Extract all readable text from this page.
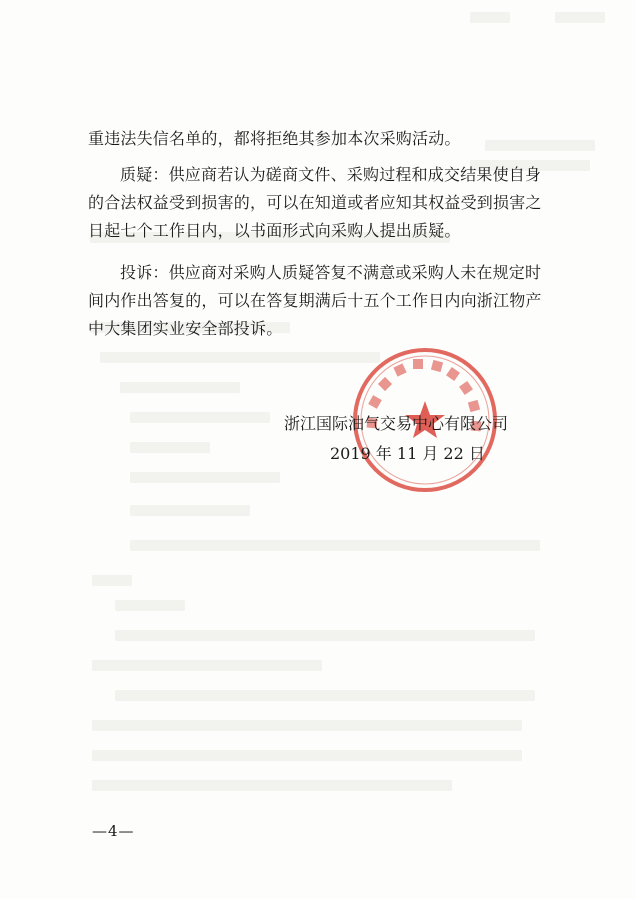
重违法失信名单的，都将拒绝其参加本次采购活动。
质疑：供应商若认为磋商文件、采购过程和成交结果使自身
的合法权益受到损害的，可以在知道或者应知其权益受到损害之
日起七个工作日内，以书面形式向采购人提出质疑。
投诉：供应商对采购人质疑答复不满意或采购人未在规定时
间内作出答复的，可以在答复期满后十五个工作日内向浙江物产
中大集团实业安全部投诉。
浙江国际油气交易中心有限公司
2019 年 11 月 22 日
—4—
